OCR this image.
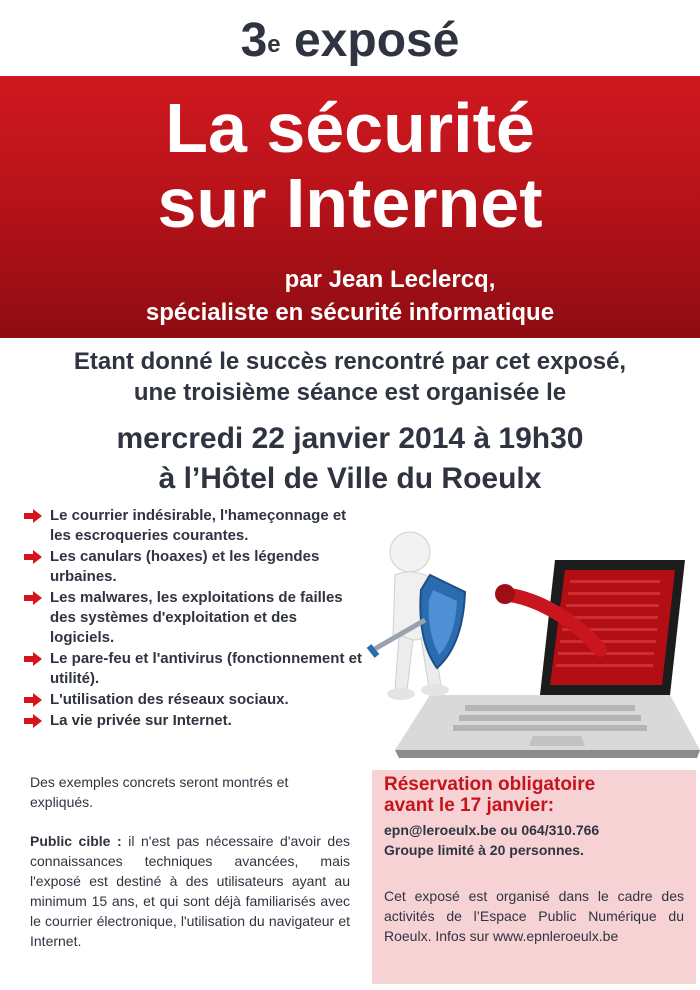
3e exposé
La sécurité
sur Internet
par Jean Leclercq,
spécialiste en sécurité informatique
Etant donné le succès rencontré par cet exposé,
une troisième séance est organisée le
mercredi 22 janvier 2014 à 19h30
à l’Hôtel de Ville du Roeulx
Le courrier indésirable, l'hameçonnage et les escroqueries courantes.
Les canulars (hoaxes) et les légendes urbaines.
Les malwares, les exploitations de failles des systèmes d'exploitation et des logiciels.
Le pare-feu et l'antivirus (fonctionnement et utilité).
L'utilisation des réseaux sociaux.
La vie privée sur Internet.
Des exemples concrets seront montrés et expliqués.
Public cible : il n'est pas nécessaire d'avoir des connaissances techniques avancées, mais l'exposé est destiné à des utilisateurs ayant au minimum 15 ans, et qui sont déjà familiarisés avec le courrier électronique, l'utilisation du navigateur et Internet.
Réservation obligatoire
avant le 17 janvier:
epn@leroeulx.be ou 064/310.766
Groupe limité à 20 personnes.
Cet exposé est organisé dans le cadre des activités de l’Espace Public Numérique du Roeulx. Infos sur www.epnleroeulx.be
